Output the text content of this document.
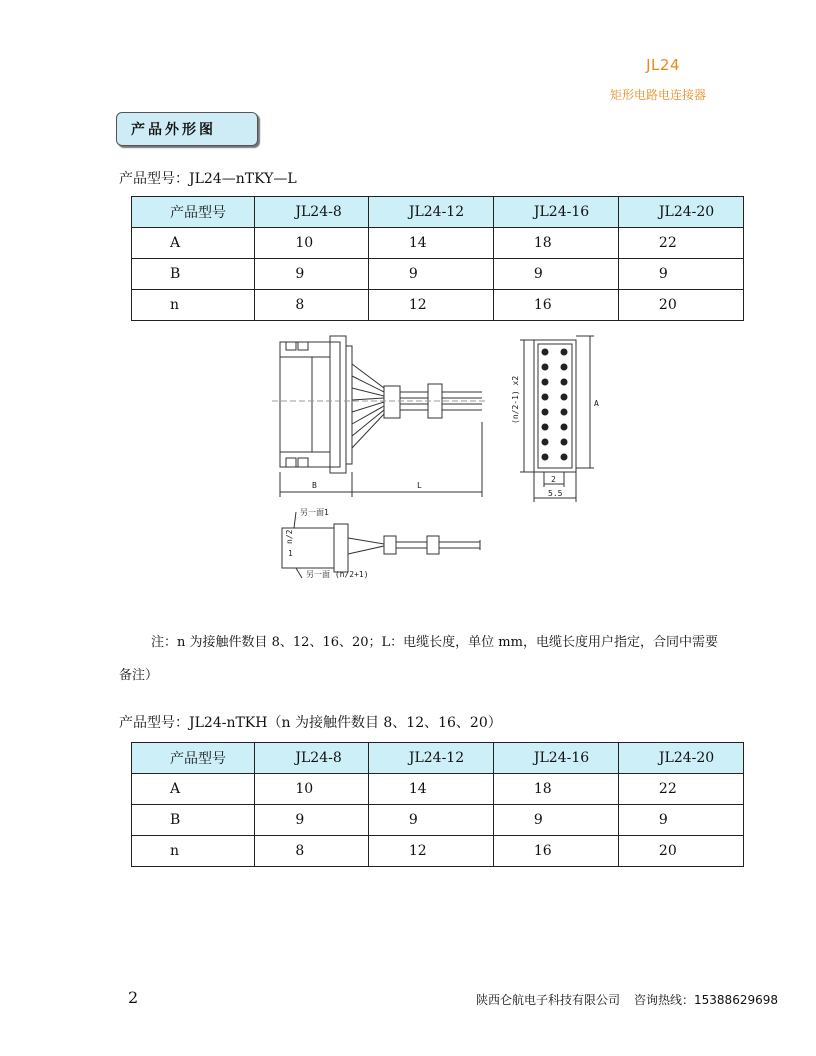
JL24
矩形电路电连接器
产品外形图
产品型号：JL24—nTKY—L
产品型号	JL24-8	JL24-12	JL24-16	JL24-20
A	10	14	18	22
B	9	9	9	9
n	8	12	16	20
B	L
A
(n/2-1) x2
2
5.5
另一面1
另一面 (n/2+1)
n/2
1
注：n 为接触件数目 8、12、16、20；L：电缆长度，单位 mm，电缆长度用户指定，合同中需要
备注）
产品型号：JL24-nTKH（n 为接触件数目 8、12、16、20）
产品型号	JL24-8	JL24-12	JL24-16	JL24-20
A	10	14	18	22
B	9	9	9	9
n	8	12	16	20
2	陕西仑航电子科技有限公司 咨询热线：15388629698
